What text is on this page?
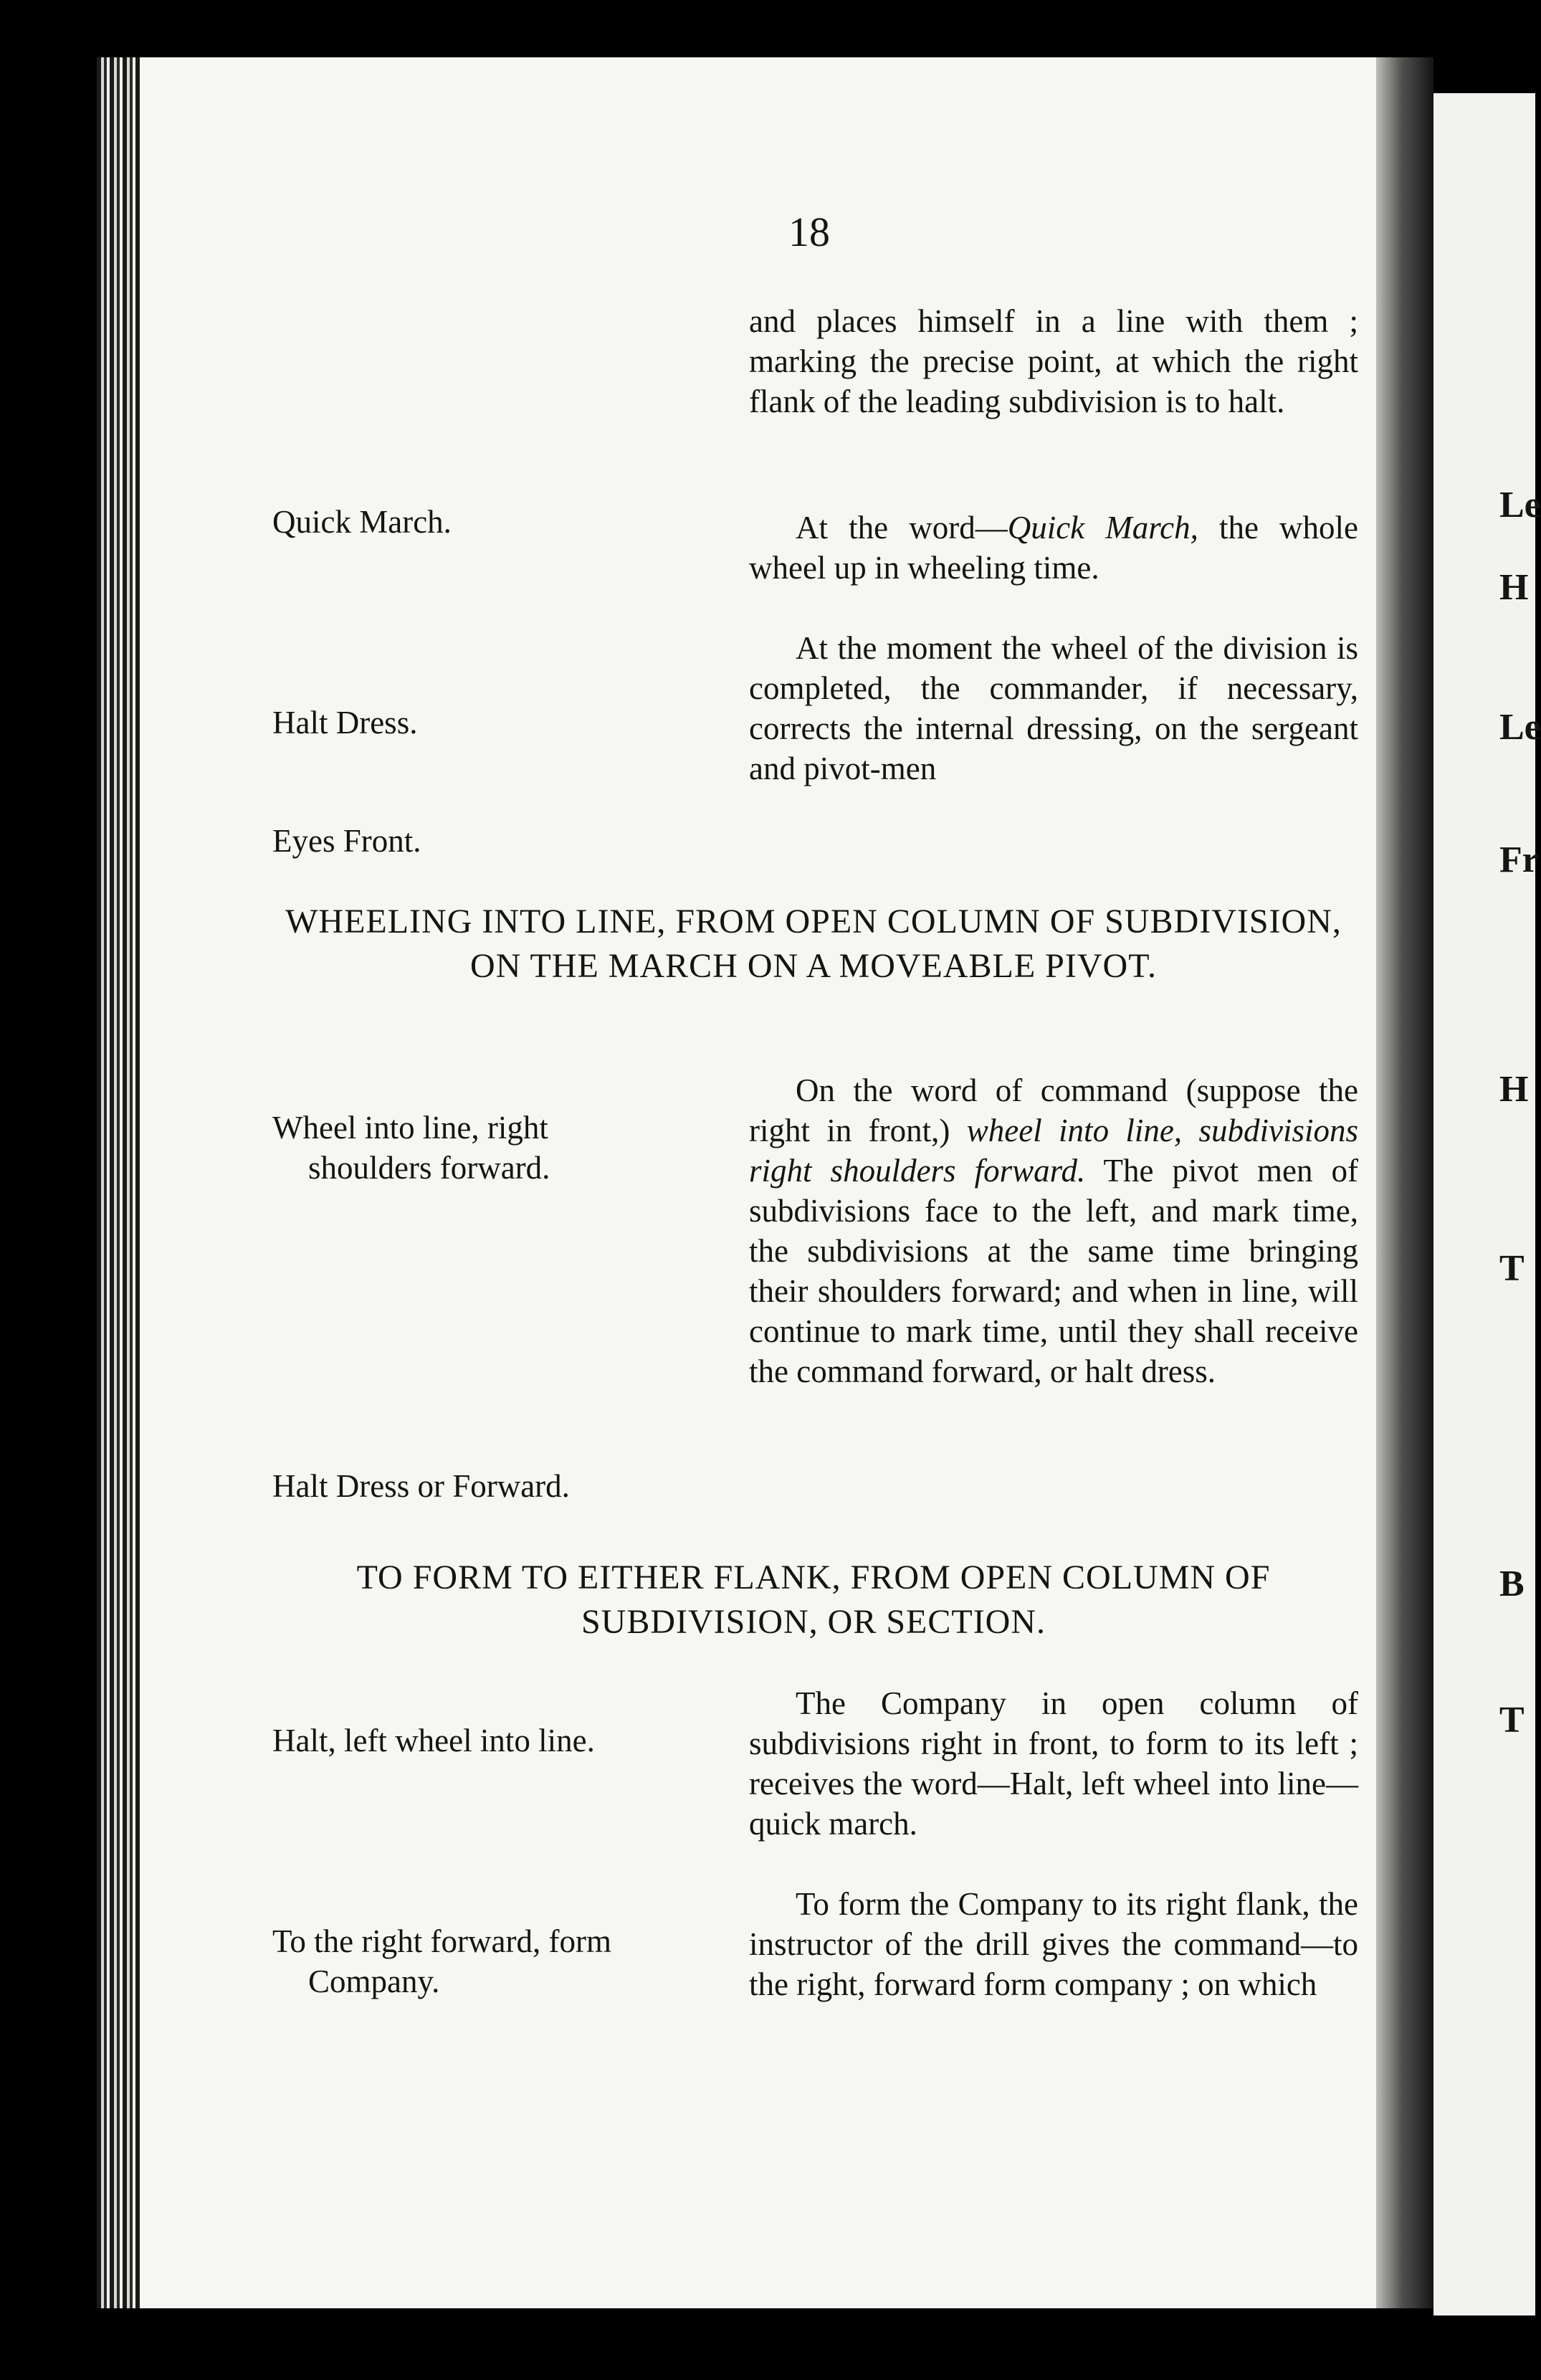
Le
H
Le
Fr
H
T
B
T
18
and places himself in a line with them ; marking the precise point, at which the right flank of the leading subdivision is to halt.
Quick March.	At the word—Quick March, the whole wheel up in wheeling time.
Halt Dress.
At the moment the wheel of the division is completed, the commander, if necessary, corrects the internal dressing, on the sergeant and pivot-men
Eyes Front.
WHEELING INTO LINE, FROM OPEN COLUMN OF SUBDIVISION, ON THE MARCH ON A MOVEABLE PIVOT.
Wheel into line, right
shoulders forward.
On the word of command (suppose the right in front,) wheel into line, subdivisions right shoulders forward. The pivot men of subdivisions face to the left, and mark time, the subdivisions at the same time bringing their shoulders forward; and when in line, will continue to mark time, until they shall receive the command forward, or halt dress.
Halt Dress or Forward.
TO FORM TO EITHER FLANK, FROM OPEN COLUMN OF SUBDIVISION, OR SECTION.
Halt, left wheel into line.
The Company in open column of subdivisions right in front, to form to its left ; receives the word—Halt, left wheel into line—quick march.
To the right forward, form
Company.
To form the Company to its right flank, the instructor of the drill gives the command—to the right, forward form company ; on which
